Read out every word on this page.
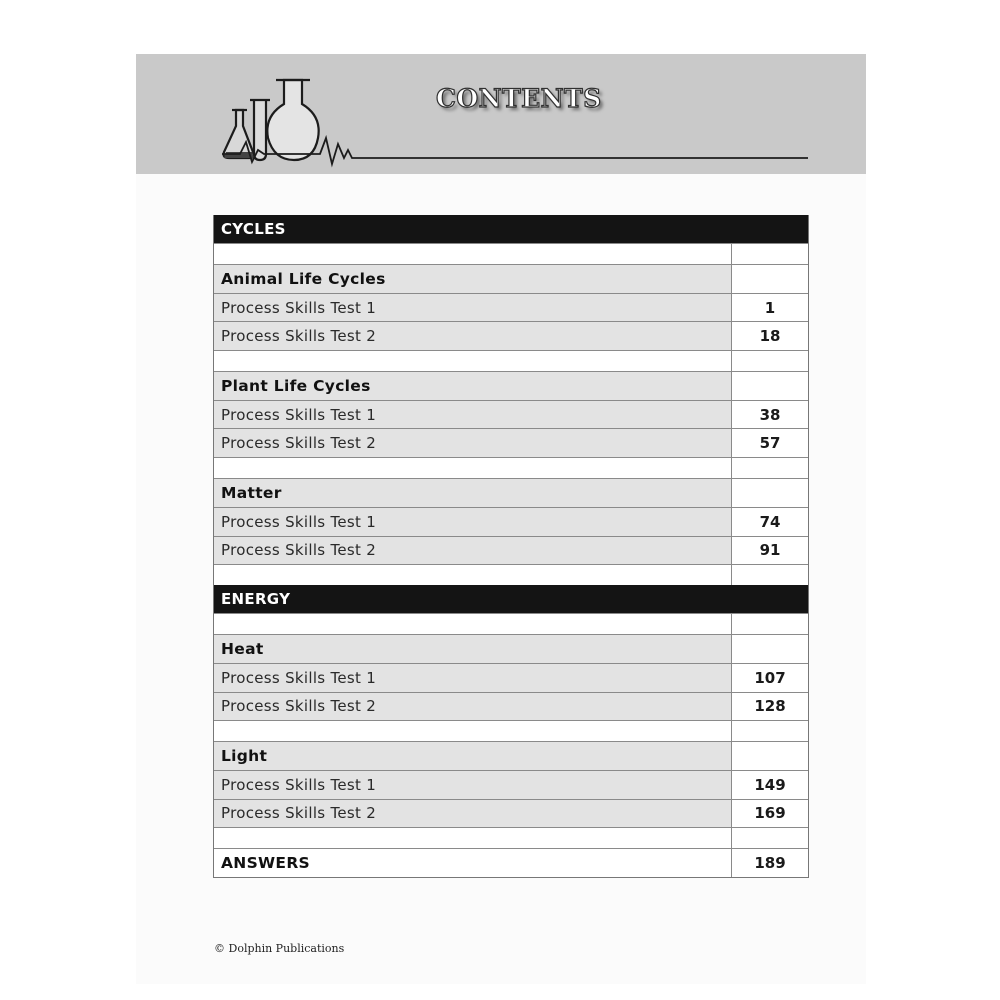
CONTENTS
CYCLES
Animal Life Cycles
Process Skills Test 1	1
Process Skills Test 2	18
Plant Life Cycles
Process Skills Test 1	38
Process Skills Test 2	57
Matter
Process Skills Test 1	74
Process Skills Test 2	91
ENERGY
Heat
Process Skills Test 1	107
Process Skills Test 2	128
Light
Process Skills Test 1	149
Process Skills Test 2	169
ANSWERS	189
© Dolphin Publications
